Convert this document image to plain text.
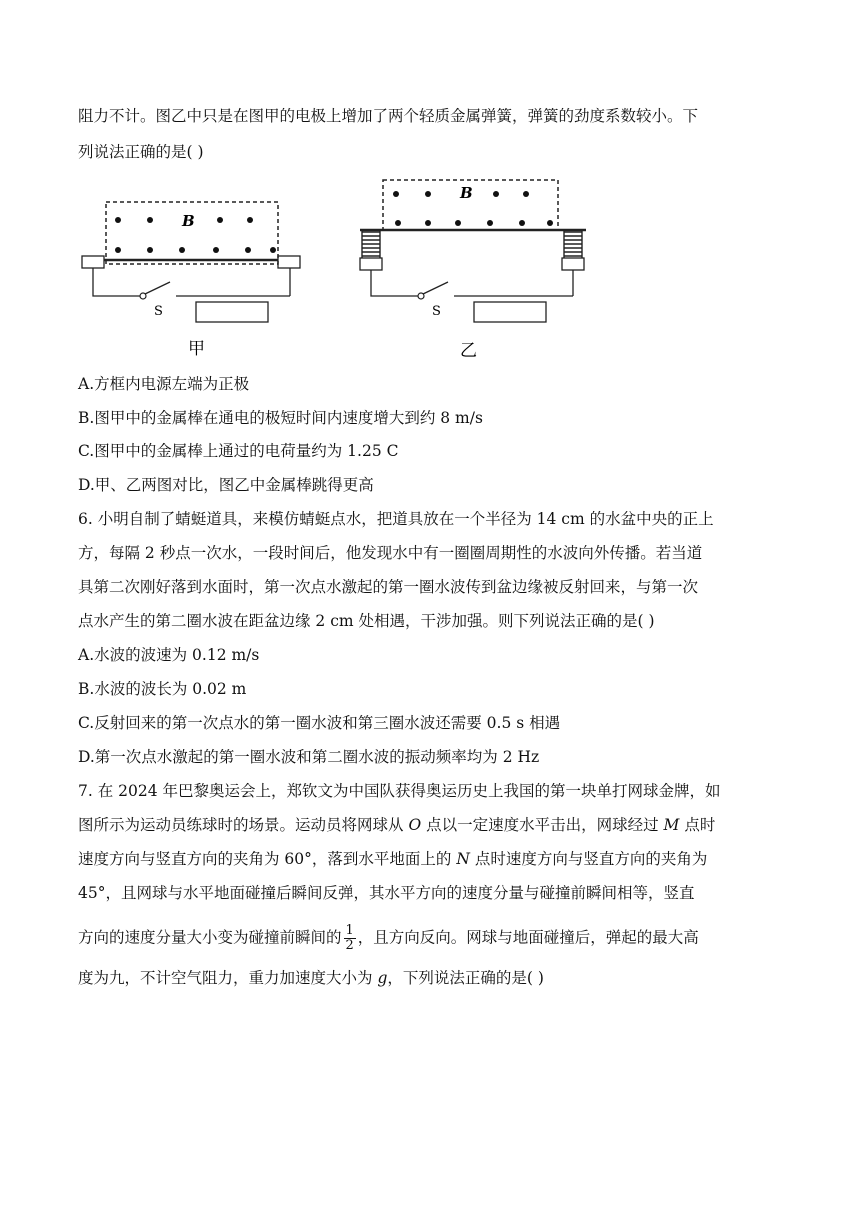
阻力不计。图乙中只是在图甲的电极上增加了两个轻质金属弹簧，弹簧的劲度系数较小。下
列说法正确的是( )
B
S
甲
B
S
乙
A.方框内电源左端为正极
B.图甲中的金属棒在通电的极短时间内速度增大到约 8 m/s
C.图甲中的金属棒上通过的电荷量约为 1.25 C
D.甲、乙两图对比，图乙中金属棒跳得更高
6. 小明自制了蜻蜓道具，来模仿蜻蜓点水，把道具放在一个半径为 14 cm 的水盆中央的正上
方，每隔 2 秒点一次水，一段时间后，他发现水中有一圈圈周期性的水波向外传播。若当道
具第二次刚好落到水面时，第一次点水激起的第一圈水波传到盆边缘被反射回来，与第一次
点水产生的第二圈水波在距盆边缘 2 cm 处相遇，干涉加强。则下列说法正确的是( )
A.水波的波速为 0.12 m/s
B.水波的波长为 0.02 m
C.反射回来的第一次点水的第一圈水波和第三圈水波还需要 0.5 s 相遇
D.第一次点水激起的第一圈水波和第二圈水波的振动频率均为 2 Hz
7. 在 2024 年巴黎奥运会上，郑钦文为中国队获得奥运历史上我国的第一块单打网球金牌，如
图所示为运动员练球时的场景。运动员将网球从 O 点以一定速度水平击出，网球经过 M 点时
速度方向与竖直方向的夹角为 60°，落到水平地面上的 N 点时速度方向与竖直方向的夹角为
45°，且网球与水平地面碰撞后瞬间反弹，其水平方向的速度分量与碰撞前瞬间相等，竖直
方向的速度分量大小变为碰撞前瞬间的 $\frac{1}{2}$ ，且方向反向。网球与地面碰撞后，弹起的最大高
度为九，不计空气阻力，重力加速度大小为 g，下列说法正确的是( )
